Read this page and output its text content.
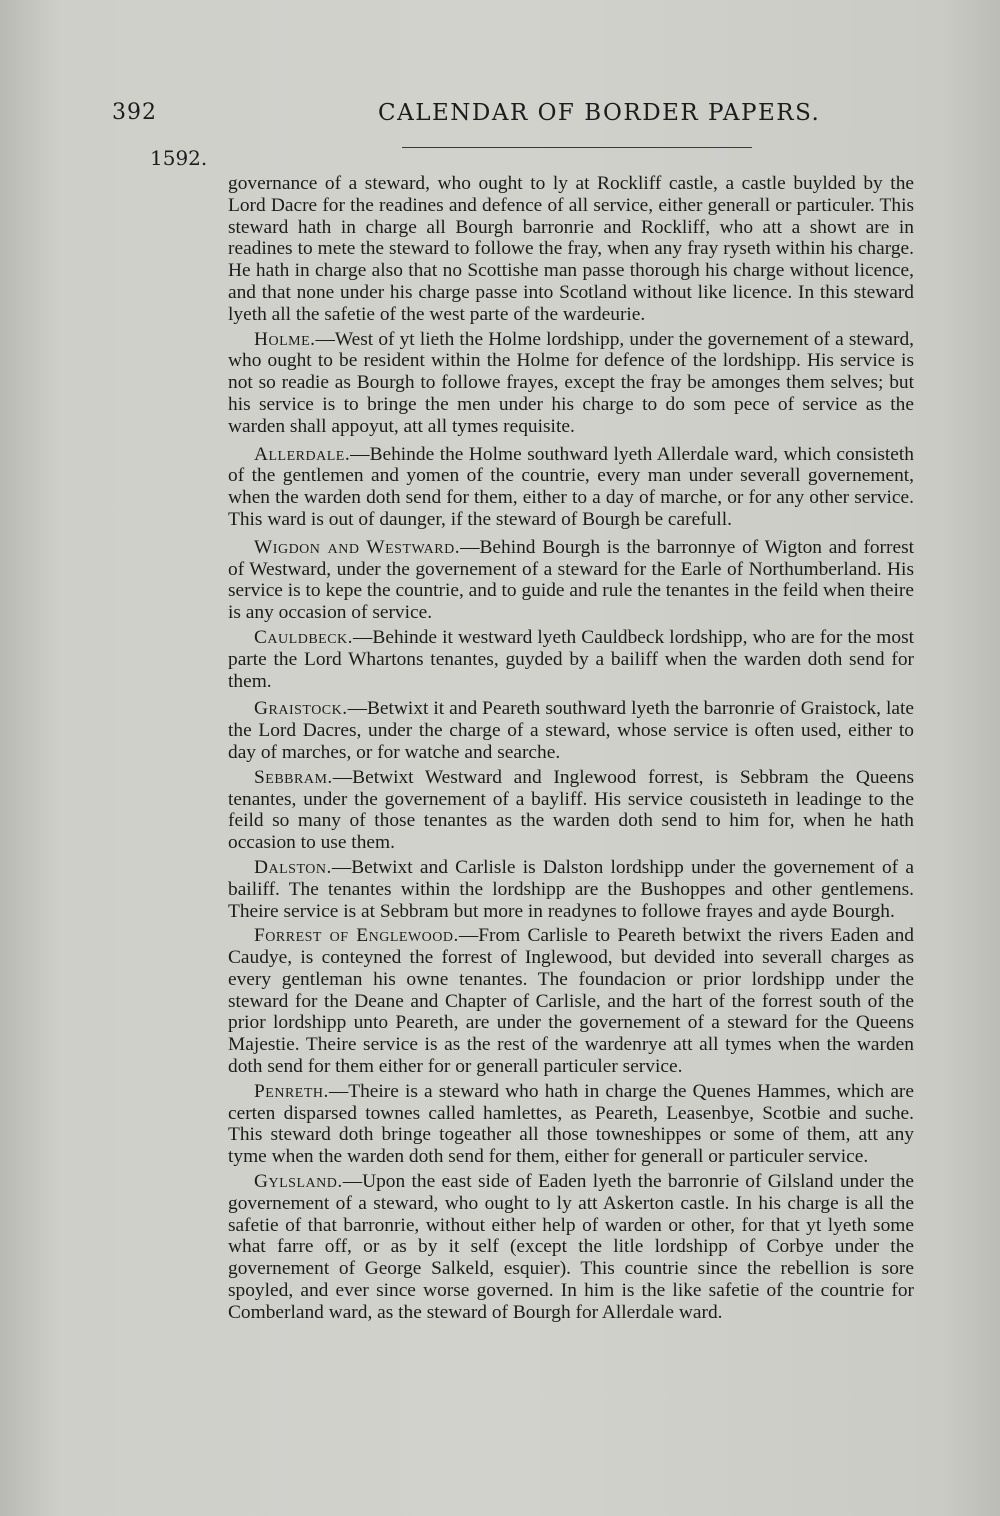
392	CALENDAR OF BORDER PAPERS.
1592.

governance of a steward, who ought to ly at Rockliff castle, a castle buylded by the Lord Dacre for the readines and defence of all service, either generall or particuler. This steward hath in charge all Bourgh barronrie and Rockliff, who att a showt are in readines to mete the steward to followe the fray, when any fray ryseth within his charge. He hath in charge also that no Scottishe man passe thorough his charge without licence, and that none under his charge passe into Scotland without like licence. In this steward lyeth all the safetie of the west parte of the wardeurie.

Holme.—West of yt lieth the Holme lordshipp, under the governement of a steward, who ought to be resident within the Holme for defence of the lordshipp. His service is not so readie as Bourgh to followe frayes, except the fray be amonges them selves; but his service is to bringe the men under his charge to do som pece of service as the warden shall appoyut, att all tymes requisite.

Allerdale.—Behinde the Holme southward lyeth Allerdale ward, which consisteth of the gentlemen and yomen of the countrie, every man under severall governement, when the warden doth send for them, either to a day of marche, or for any other service. This ward is out of daunger, if the steward of Bourgh be carefull.

Wigdon and Westward.—Behind Bourgh is the barronnye of Wigton and forrest of Westward, under the governement of a steward for the Earle of Northumberland. His service is to kepe the countrie, and to guide and rule the tenantes in the feild when theire is any occasion of service.

Cauldbeck.—Behinde it westward lyeth Cauldbeck lordshipp, who are for the most parte the Lord Whartons tenantes, guyded by a bailiff when the warden doth send for them.

Graistock.—Betwixt it and Peareth southward lyeth the barronrie of Graistock, late the Lord Dacres, under the charge of a steward, whose service is often used, either to day of marches, or for watche and searche.

Sebbram.—Betwixt Westward and Inglewood forrest, is Sebbram the Queens tenantes, under the governement of a bayliff. His service cousisteth in leadinge to the feild so many of those tenantes as the warden doth send to him for, when he hath occasion to use them.

Dalston.—Betwixt and Carlisle is Dalston lordshipp under the governement of a bailiff. The tenantes within the lordshipp are the Bushoppes and other gentlemens. Theire service is at Sebbram but more in readynes to followe frayes and ayde Bourgh.

Forrest of Englewood.—From Carlisle to Peareth betwixt the rivers Eaden and Caudye, is conteyned the forrest of Inglewood, but devided into severall charges as every gentleman his owne tenantes. The foundacion or prior lordshipp under the steward for the Deane and Chapter of Carlisle, and the hart of the forrest south of the prior lordshipp unto Peareth, are under the governement of a steward for the Queens Majestie. Theire service is as the rest of the wardenrye att all tymes when the warden doth send for them either for or generall particuler service.

Penreth.—Theire is a steward who hath in charge the Quenes Hammes, which are certen disparsed townes called hamlettes, as Peareth, Leasenbye, Scotbie and suche. This steward doth bringe togeather all those towneshippes or some of them, att any tyme when the warden doth send for them, either for generall or particuler service.

Gylsland.—Upon the east side of Eaden lyeth the barronrie of Gilsland under the governement of a steward, who ought to ly att Askerton castle. In his charge is all the safetie of that barronrie, without either help of warden or other, for that yt lyeth some what farre off, or as by it self (except the litle lordshipp of Corbye under the governement of George Salkeld, esquier). This countrie since the rebellion is sore spoyled, and ever since worse governed. In him is the like safetie of the countrie for Comberland ward, as the steward of Bourgh for Allerdale ward.
